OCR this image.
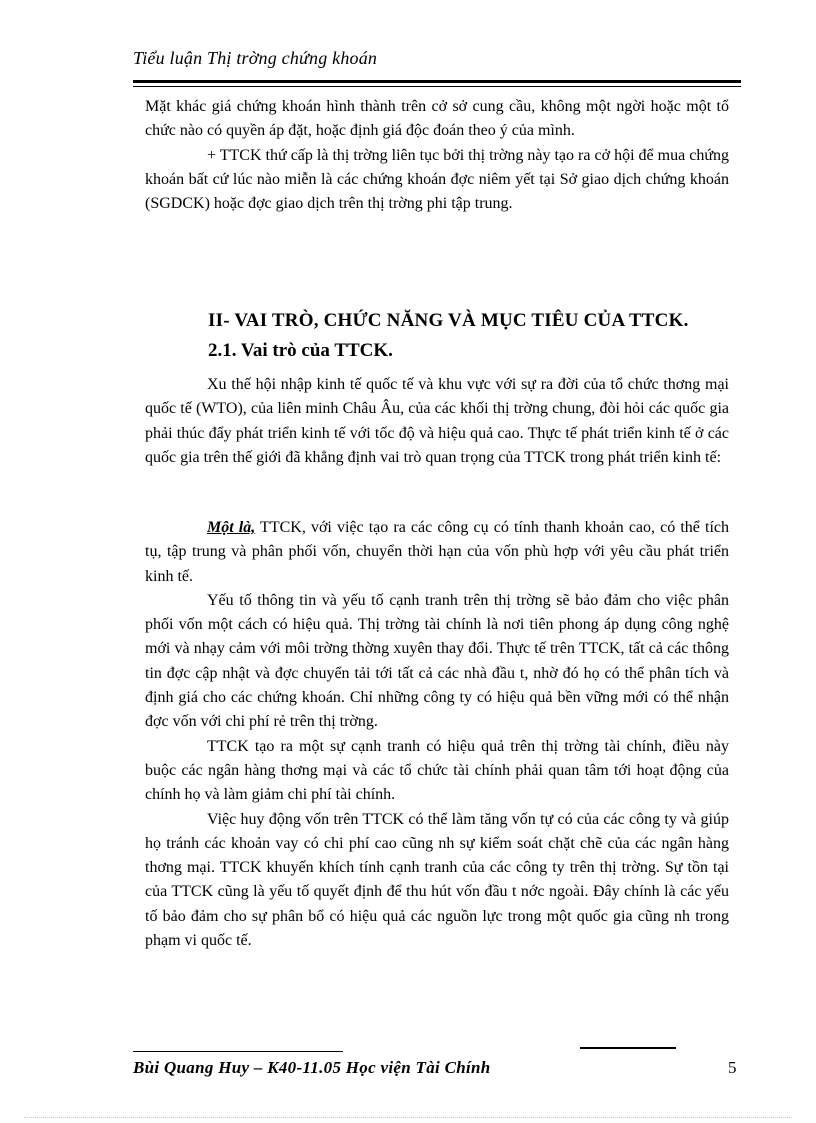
Tiểu luận Thị trờng chứng khoán

Mặt khác giá chứng khoán hình thành trên cở sở cung cầu, không một ngời hoặc một tổ chức nào có quyền áp đặt, hoặc định giá độc đoán theo ý của mình.

+ TTCK thứ cấp là thị trờng liên tục bởi thị trờng này tạo ra cở hội để mua chứng khoán bất cứ lúc nào miễn là các chứng khoán đợc niêm yết tại Sở giao dịch chứng khoán (SGDCK) hoặc đợc giao dịch trên thị trờng phi tập trung.

II- VAI TRÒ, CHỨC NĂNG VÀ MỤC TIÊU CỦA TTCK.
2.1. Vai trò của TTCK.

Xu thế hội nhập kinh tế quốc tế và khu vực với sự ra đời của tổ chức thơng mại quốc tế (WTO), của liên minh Châu Âu, của các khối thị trờng chung, đòi hỏi các quốc gia phải thúc đẩy phát triển kinh tế với tốc độ và hiệu quả cao. Thực tế phát triển kinh tế ở các quốc gia trên thế giới đã khẳng định vai trò quan trọng của TTCK trong phát triển kinh tế:

Một là, TTCK, với việc tạo ra các công cụ có tính thanh khoản cao, có thể tích tụ, tập trung và phân phối vốn, chuyển thời hạn của vốn phù hợp với yêu cầu phát triển kinh tế.

Yếu tố thông tin và yếu tố cạnh tranh trên thị trờng sẽ bảo đảm cho việc phân phối vốn một cách có hiệu quả. Thị trờng tài chính là nơi tiên phong áp dụng công nghệ mới và nhạy cảm với môi trờng thờng xuyên thay đổi. Thực tế trên TTCK, tất cả các thông tin đợc cập nhật và đợc chuyển tải tới tất cả các nhà đầu t, nhờ đó họ có thể phân tích và định giá cho các chứng khoán. Chỉ những công ty có hiệu quả bền vững mới có thể nhận đợc vốn với chi phí rẻ trên thị trờng.

TTCK tạo ra một sự cạnh tranh có hiệu quả trên thị trờng tài chính, điều này buộc các ngân hàng thơng mại và các tổ chức tài chính phải quan tâm tới hoạt động của chính họ và làm giảm chi phí tài chính.

Việc huy động vốn trên TTCK có thể làm tăng vốn tự có của các công ty và giúp họ tránh các khoản vay có chi phí cao cũng nh sự kiểm soát chặt chẽ của các ngân hàng thơng mại. TTCK khuyến khích tính cạnh tranh của các công ty trên thị trờng. Sự tồn tại của TTCK cũng là yếu tố quyết định để thu hút vốn đầu t nớc ngoài. Đây chính là các yếu tố bảo đảm cho sự phân bổ có hiệu quả các nguồn lực trong một quốc gia cũng nh trong phạm vi quốc tế.

Bùi Quang Huy – K40-11.05 Học viện Tài Chính	5
